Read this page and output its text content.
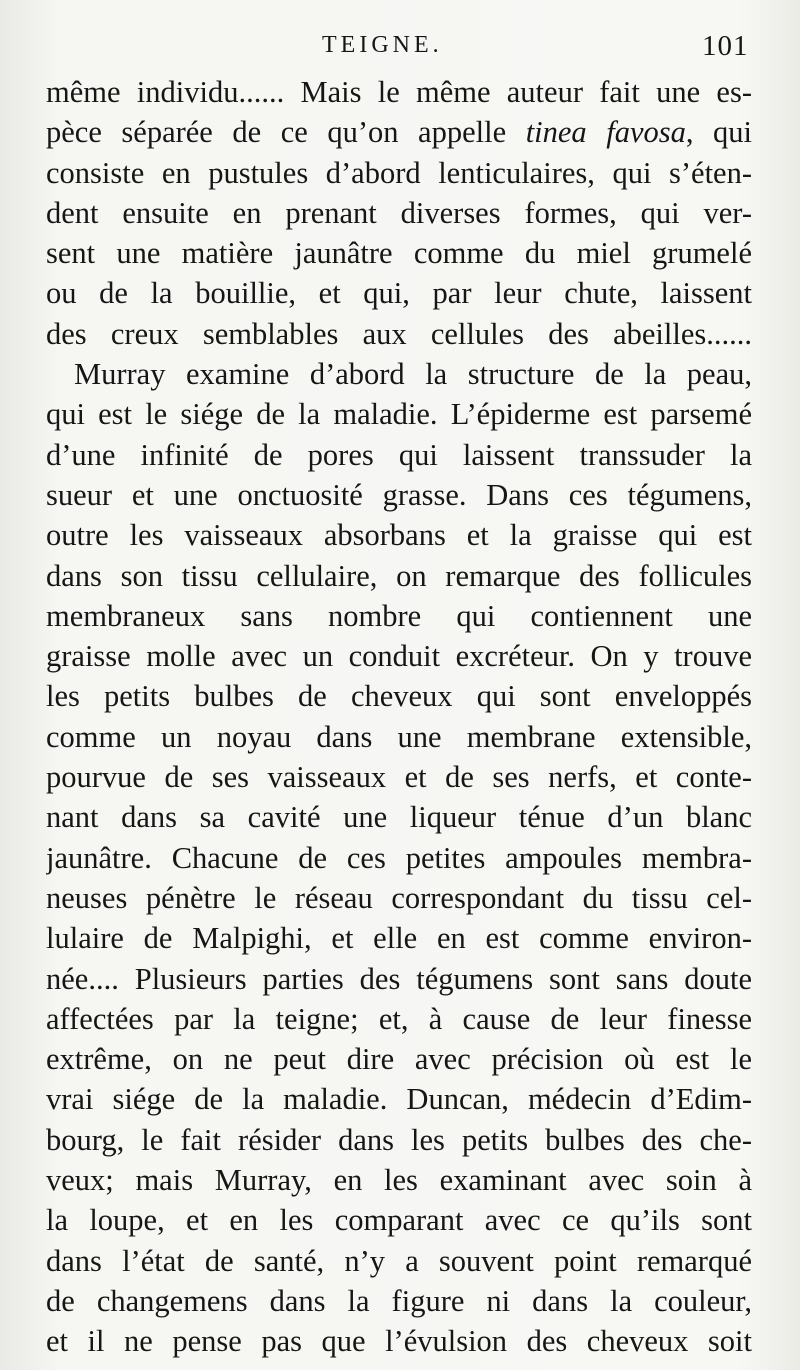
TEIGNE.	101
même individu...... Mais le même auteur fait une es-
pèce séparée de ce qu’on appelle tinea favosa, qui
consiste en pustules d’abord lenticulaires, qui s’éten-
dent ensuite en prenant diverses formes, qui ver-
sent une matière jaunâtre comme du miel grumelé
ou de la bouillie, et qui, par leur chute, laissent
des creux semblables aux cellules des abeilles......
Murray examine d’abord la structure de la peau,
qui est le siége de la maladie. L’épiderme est parsemé
d’une infinité de pores qui laissent transsuder la
sueur et une onctuosité grasse. Dans ces tégumens,
outre les vaisseaux absorbans et la graisse qui est
dans son tissu cellulaire, on remarque des follicules
membraneux sans nombre qui contiennent une
graisse molle avec un conduit excréteur. On y trouve
les petits bulbes de cheveux qui sont enveloppés
comme un noyau dans une membrane extensible,
pourvue de ses vaisseaux et de ses nerfs, et conte-
nant dans sa cavité une liqueur ténue d’un blanc
jaunâtre. Chacune de ces petites ampoules membra-
neuses pénètre le réseau correspondant du tissu cel-
lulaire de Malpighi, et elle en est comme environ-
née.... Plusieurs parties des tégumens sont sans doute
affectées par la teigne; et, à cause de leur finesse
extrême, on ne peut dire avec précision où est le
vrai siége de la maladie. Duncan, médecin d’Edim-
bourg, le fait résider dans les petits bulbes des che-
veux; mais Murray, en les examinant avec soin à
la loupe, et en les comparant avec ce qu’ils sont
dans l’état de santé, n’y a souvent point remarqué
de changemens dans la figure ni dans la couleur,
et il ne pense pas que l’évulsion des cheveux soit
